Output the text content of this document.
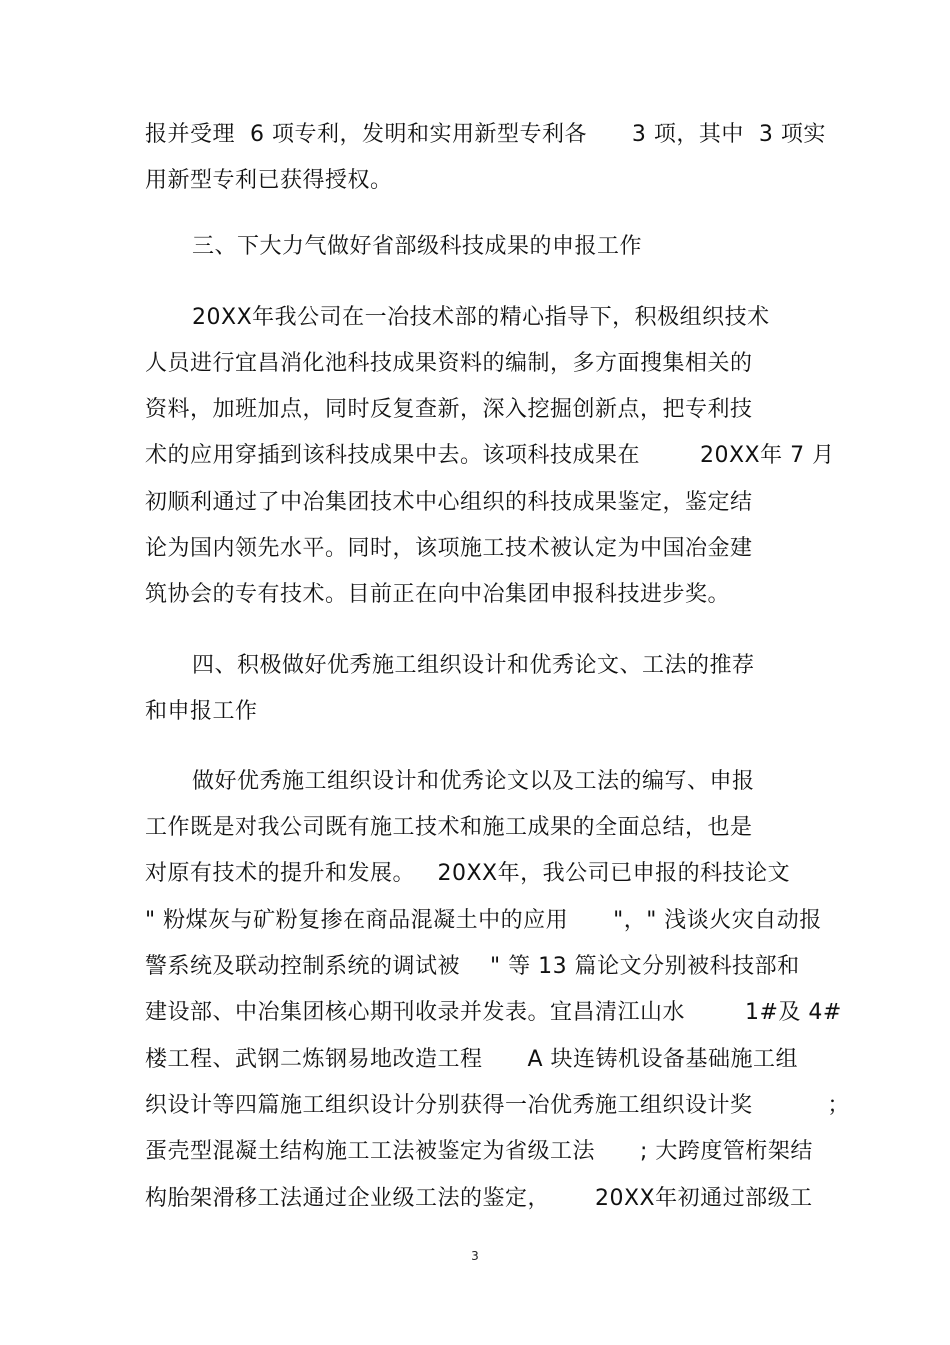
报并受理  6 项专利，发明和实用新型专利各      3 项，其中  3 项实
用新型专利已获得授权。
三、下大力气做好省部级科技成果的申报工作
20XX年我公司在一冶技术部的精心指导下，积极组织技术
人员进行宜昌消化池科技成果资料的编制，多方面搜集相关的
资料，加班加点，同时反复查新，深入挖掘创新点，把专利技
术的应用穿插到该科技成果中去。该项科技成果在        20XX年 7 月
初顺利通过了中冶集团技术中心组织的科技成果鉴定，鉴定结
论为国内领先水平。同时，该项施工技术被认定为中国冶金建
筑协会的专有技术。目前正在向中冶集团申报科技进步奖。
四、积极做好优秀施工组织设计和优秀论文、工法的推荐
和申报工作
做好优秀施工组织设计和优秀论文以及工法的编写、申报
工作既是对我公司既有施工技术和施工成果的全面总结，也是
对原有技术的提升和发展。   20XX年，我公司已申报的科技论文
" 粉煤灰与矿粉复掺在商品混凝土中的应用      "，" 浅谈火灾自动报
警系统及联动控制系统的调试被    " 等 13 篇论文分别被科技部和
建设部、中冶集团核心期刊收录并发表。宜昌清江山水        1#及 4#
楼工程、武钢二炼钢易地改造工程      A 块连铸机设备基础施工组
织设计等四篇施工组织设计分别获得一冶优秀施工组织设计奖          ；
蛋壳型混凝土结构施工工法被鉴定为省级工法      ; 大跨度管桁架结
构胎架滑移工法通过企业级工法的鉴定，      20XX年初通过部级工
3
